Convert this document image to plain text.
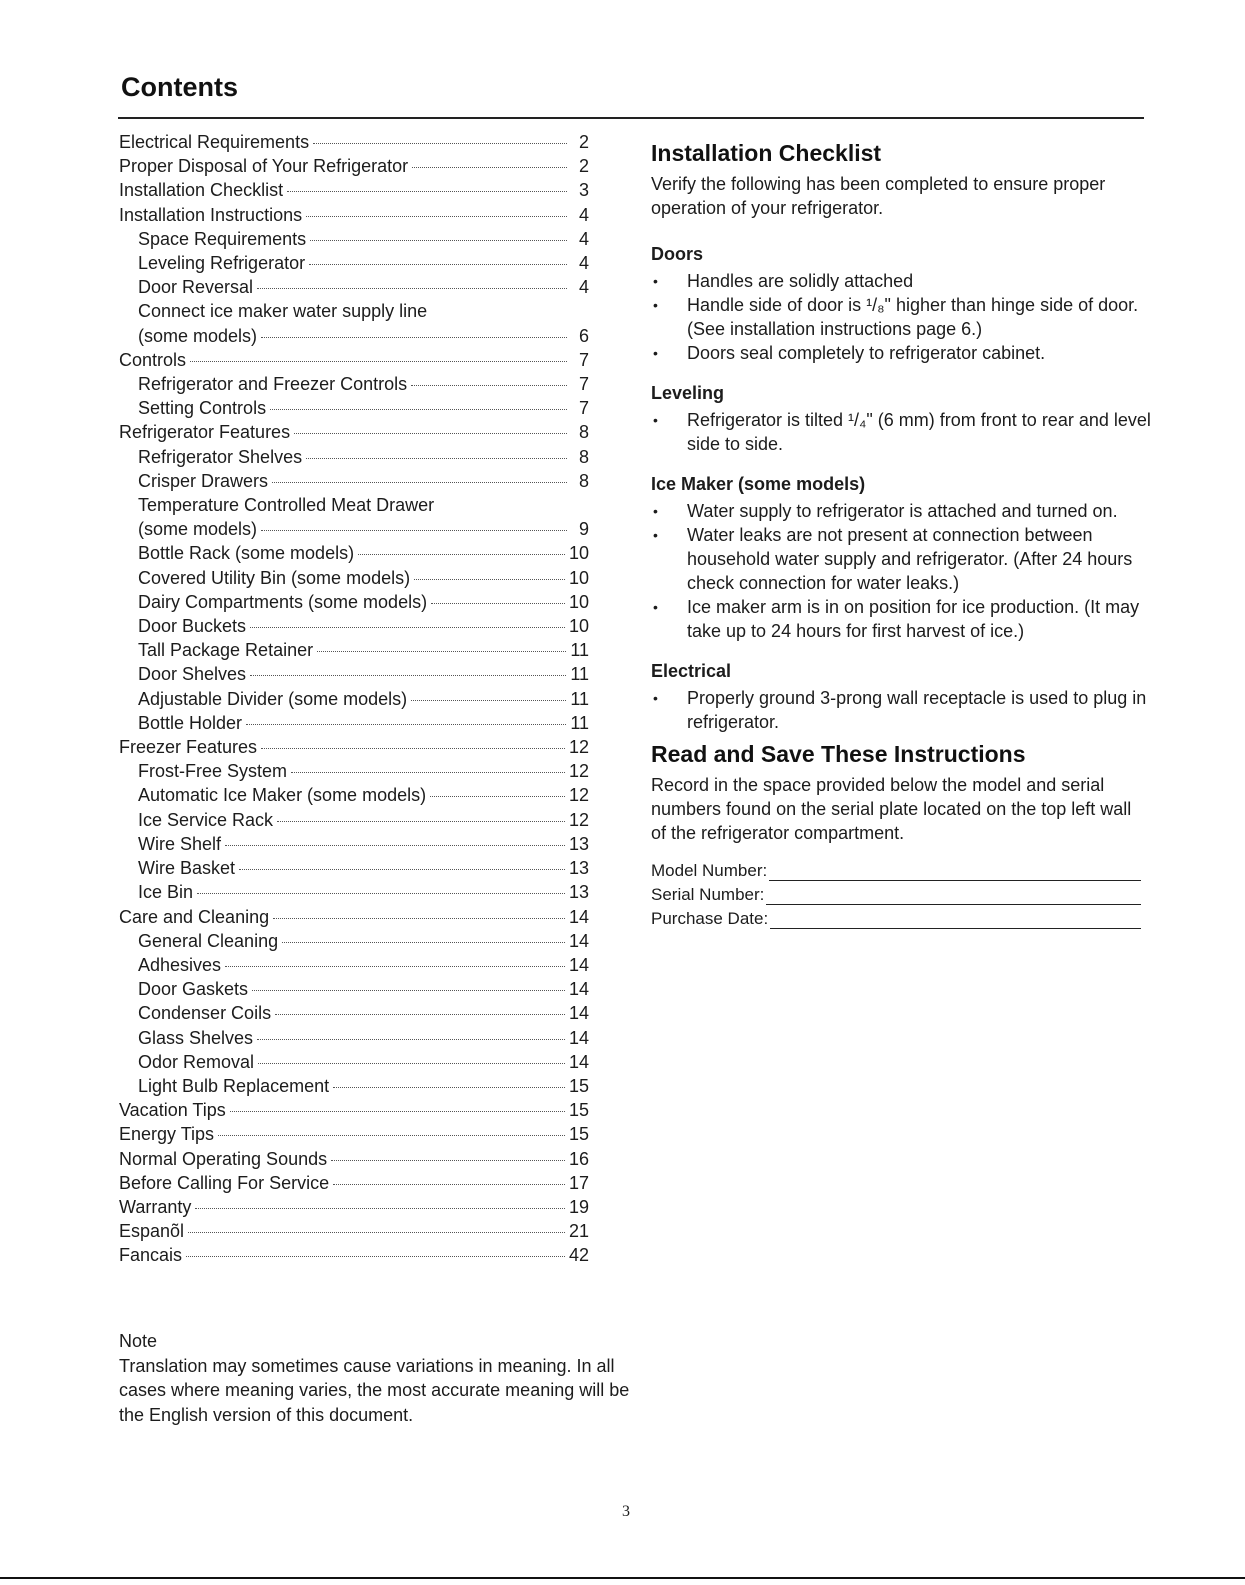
Contents
Electrical Requirements	2
Proper Disposal of Your Refrigerator	2
Installation Checklist	3
Installation Instructions	4
Space Requirements	4
Leveling Refrigerator	4
Door Reversal	4
Connect ice maker water supply line
(some models)	6
Controls	7
Refrigerator and Freezer Controls	7
Setting Controls	7
Refrigerator Features	8
Refrigerator Shelves	8
Crisper Drawers	8
Temperature Controlled Meat Drawer
(some models)	9
Bottle Rack (some models)	10
Covered Utility Bin (some models)	10
Dairy Compartments (some models)	10
Door Buckets	10
Tall Package Retainer	11
Door Shelves	11
Adjustable Divider (some models)	11
Bottle Holder	11
Freezer Features	12
Frost-Free System	12
Automatic Ice Maker (some models)	12
Ice Service Rack	12
Wire Shelf	13
Wire Basket	13
Ice Bin	13
Care and Cleaning	14
General Cleaning	14
Adhesives	14
Door Gaskets	14
Condenser Coils	14
Glass Shelves	14
Odor Removal	14
Light Bulb Replacement	15
Vacation Tips	15
Energy Tips	15
Normal Operating Sounds	16
Before Calling For Service	17
Warranty	19
Espanõl	21
Fancais	42
Installation Checklist

Verify the following has been completed to ensure proper operation of your refrigerator.

Doors
• Handles are solidly attached
• Handle side of door is ¹/₈" higher than hinge side of door. (See installation instructions page 6.)
• Doors seal completely to refrigerator cabinet.
Leveling
• Refrigerator is tilted ¹/₄" (6 mm) from front to rear and level side to side.
Ice Maker (some models)
• Water supply to refrigerator is attached and turned on.
• Water leaks are not present at connection between household water supply and refrigerator. (After 24 hours check connection for water leaks.)
• Ice maker arm is in on position for ice production. (It may take up to 24 hours for first harvest of ice.)
Electrical
• Properly ground 3-prong wall receptacle is used to plug in refrigerator.
Read and Save These Instructions

Record in the space provided below the model and serial numbers found on the serial plate located on the top left wall of the refrigerator compartment.

Model Number:
Serial Number:
Purchase Date:
Note
Translation may sometimes cause variations in meaning. In all cases where meaning varies, the most accurate meaning will be the English version of this document.
3
